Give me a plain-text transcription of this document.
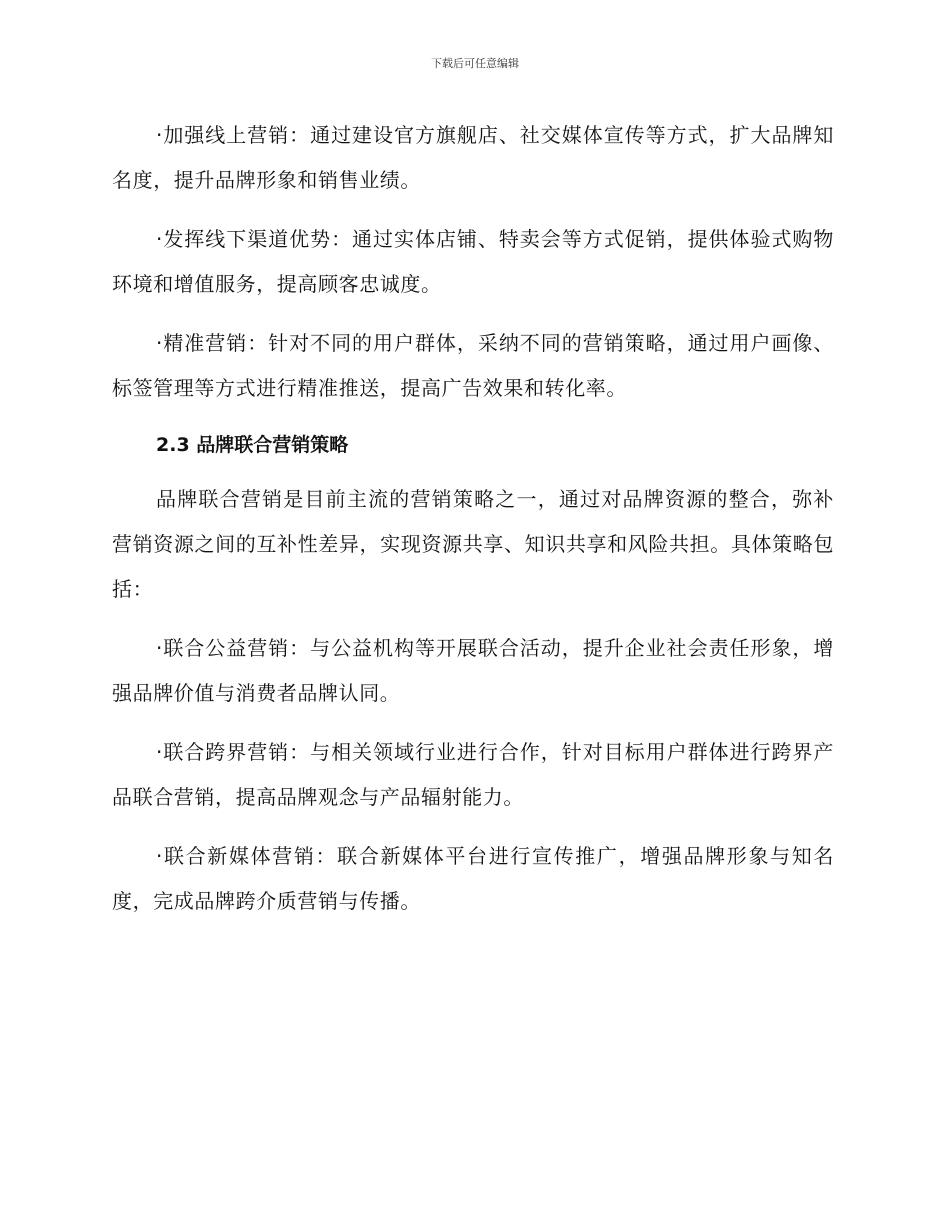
下载后可任意编辑

·加强线上营销：通过建设官方旗舰店、社交媒体宣传等方式，扩大品牌知名度，提升品牌形象和销售业绩。

·发挥线下渠道优势：通过实体店铺、特卖会等方式促销，提供体验式购物环境和增值服务，提高顾客忠诚度。

·精准营销：针对不同的用户群体，采纳不同的营销策略，通过用户画像、标签管理等方式进行精准推送，提高广告效果和转化率。

2.3 品牌联合营销策略

品牌联合营销是目前主流的营销策略之一，通过对品牌资源的整合，弥补营销资源之间的互补性差异，实现资源共享、知识共享和风险共担。具体策略包括：

·联合公益营销：与公益机构等开展联合活动，提升企业社会责任形象，增强品牌价值与消费者品牌认同。

·联合跨界营销：与相关领域行业进行合作，针对目标用户群体进行跨界产品联合营销，提高品牌观念与产品辐射能力。

·联合新媒体营销：联合新媒体平台进行宣传推广，增强品牌形象与知名度，完成品牌跨介质营销与传播。
